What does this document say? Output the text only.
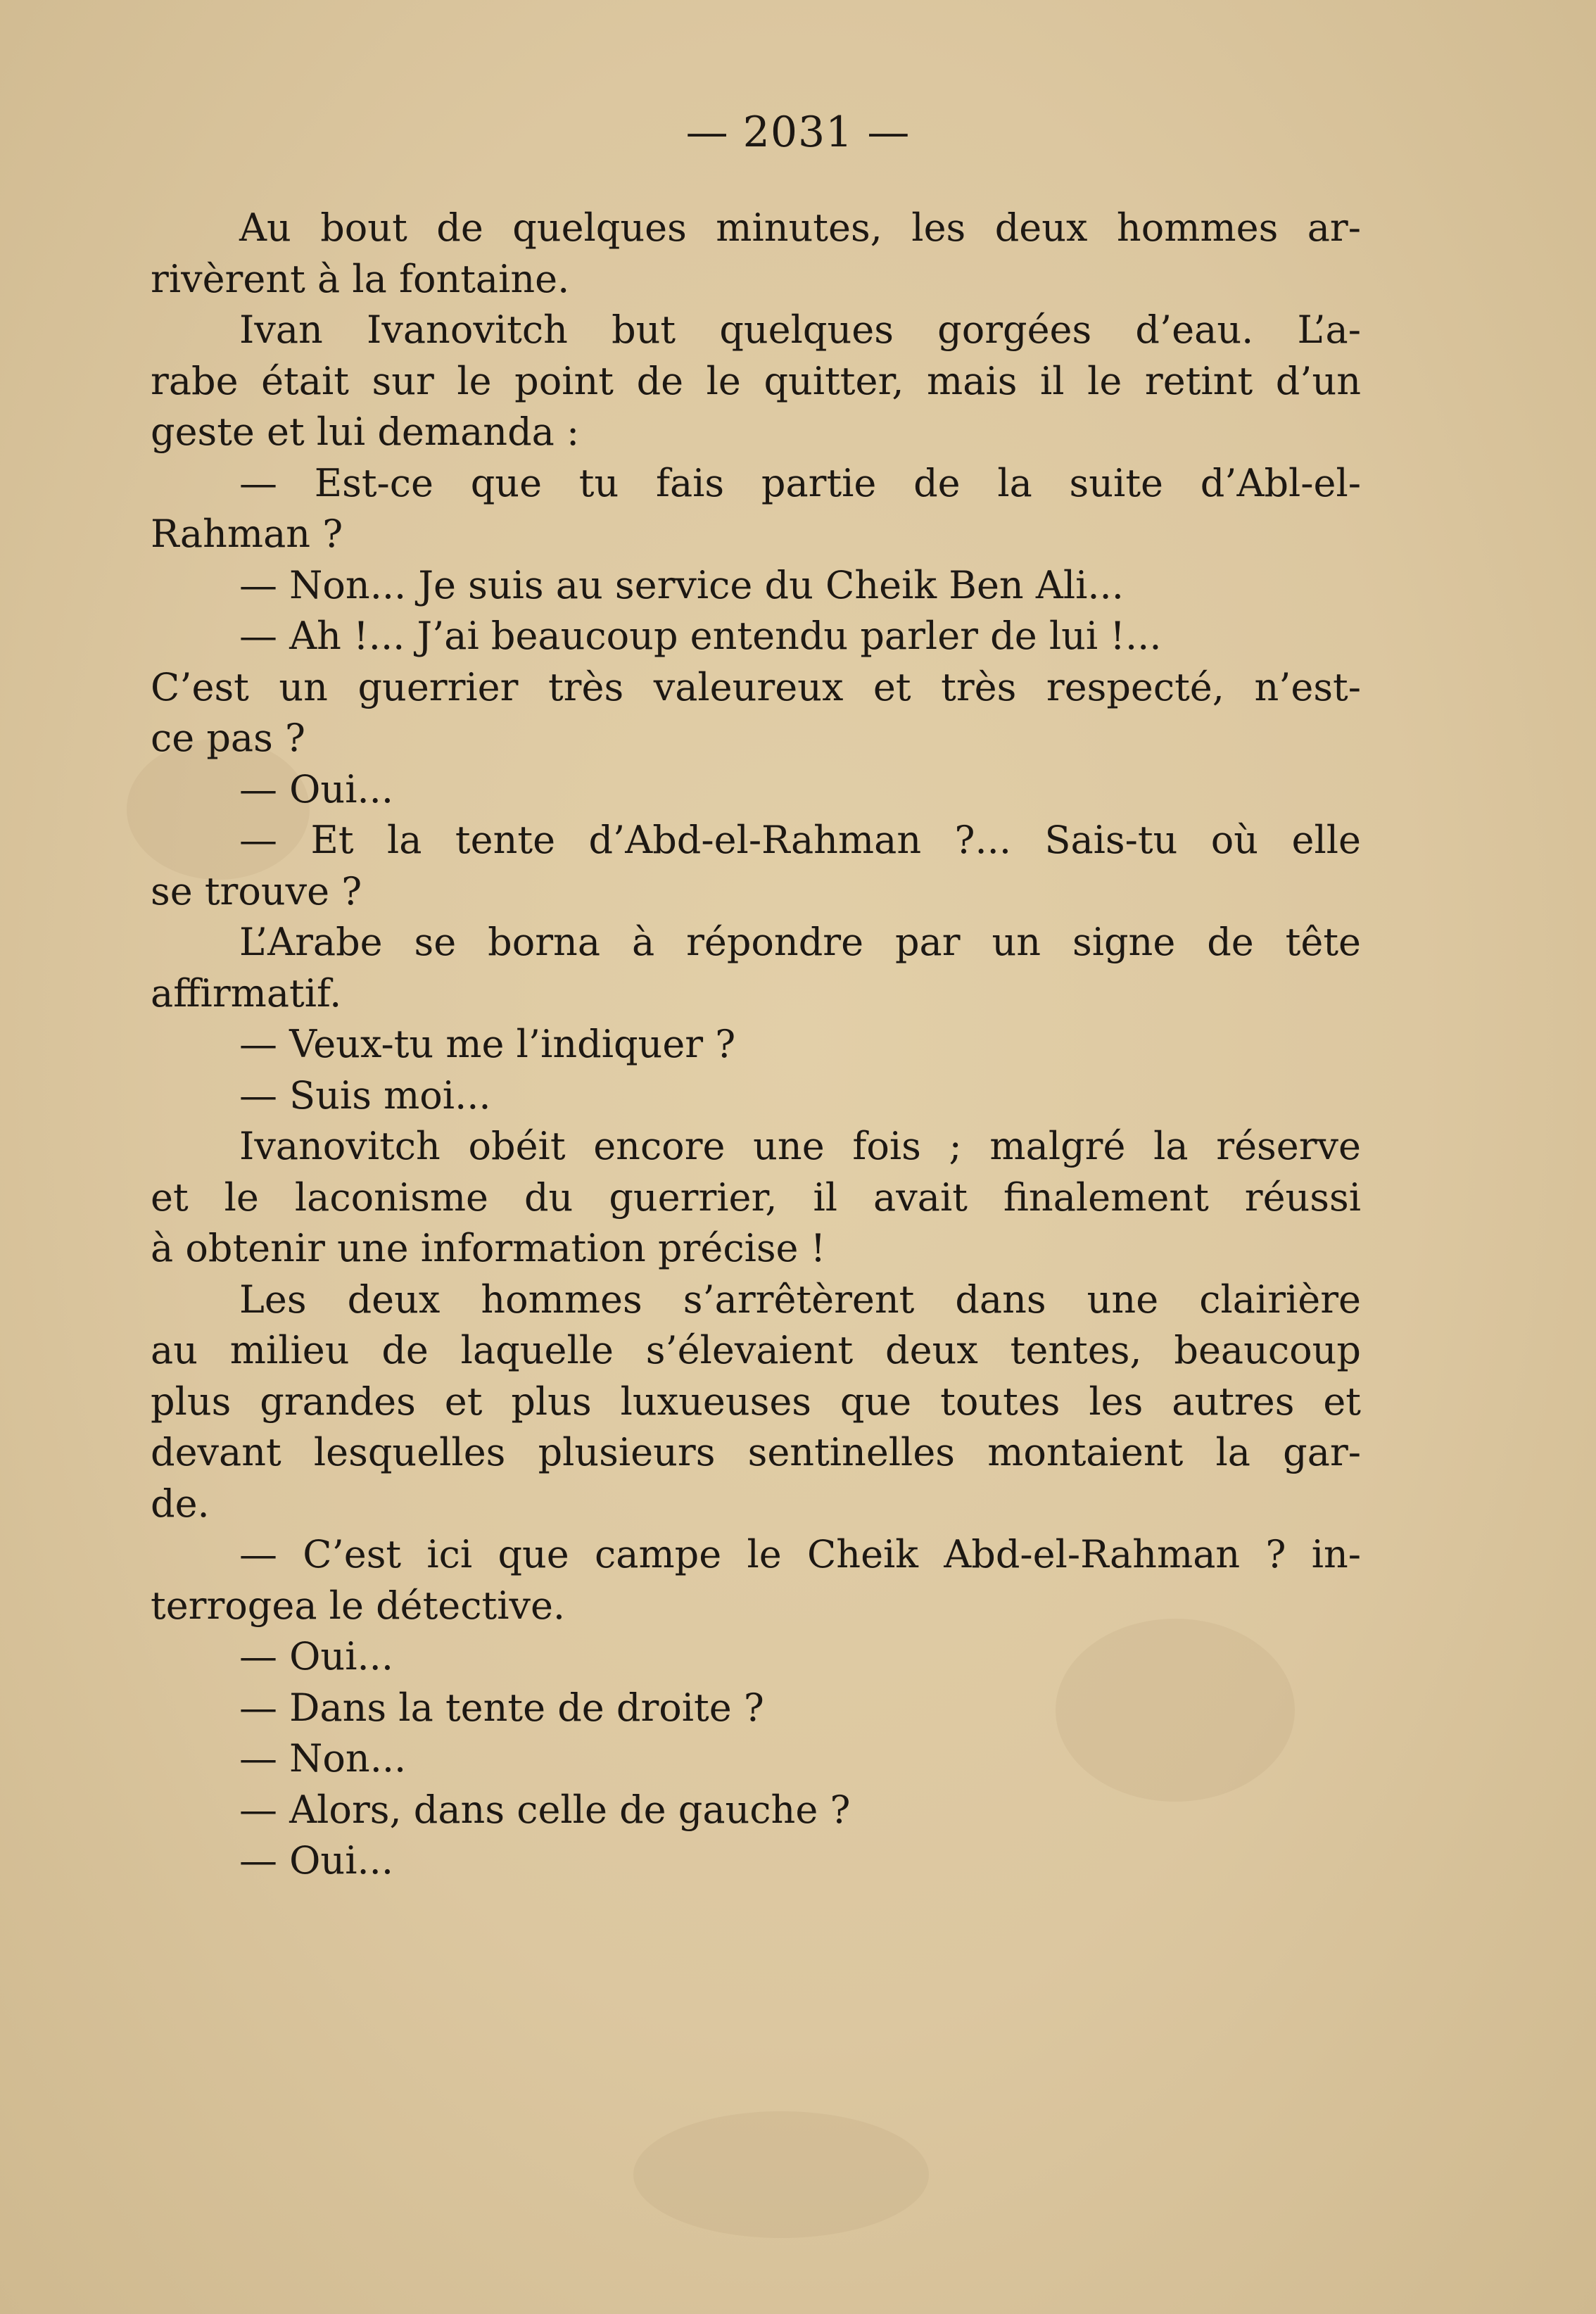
— 2031 —
Au bout de quelques minutes, les deux hommes ar-
rivèrent à la fontaine.
Ivan Ivanovitch but quelques gorgées d’eau. L’a-
rabe était sur le point de le quitter, mais il le retint d’un
geste et lui demanda :
— Est-ce que tu fais partie de la suite d’Abl-el-
Rahman ?
— Non... Je suis au service du Cheik Ben Ali...
— Ah !... J’ai beaucoup entendu parler de lui !...
C’est un guerrier très valeureux et très respecté, n’est-
ce pas ?
— Oui...
— Et la tente d’Abd-el-Rahman ?... Sais-tu où elle
se trouve ?
L’Arabe se borna à répondre par un signe de tête
affirmatif.
— Veux-tu me l’indiquer ?
— Suis moi...
Ivanovitch obéit encore une fois ; malgré la réserve
et le laconisme du guerrier, il avait finalement réussi
à obtenir une information précise !
Les deux hommes s’arrêtèrent dans une clairière
au milieu de laquelle s’élevaient deux tentes, beaucoup
plus grandes et plus luxueuses que toutes les autres et
devant lesquelles plusieurs sentinelles montaient la gar-
de.
— C’est ici que campe le Cheik Abd-el-Rahman ? in-
terrogea le détective.
— Oui...
— Dans la tente de droite ?
— Non...
— Alors, dans celle de gauche ?
— Oui...
